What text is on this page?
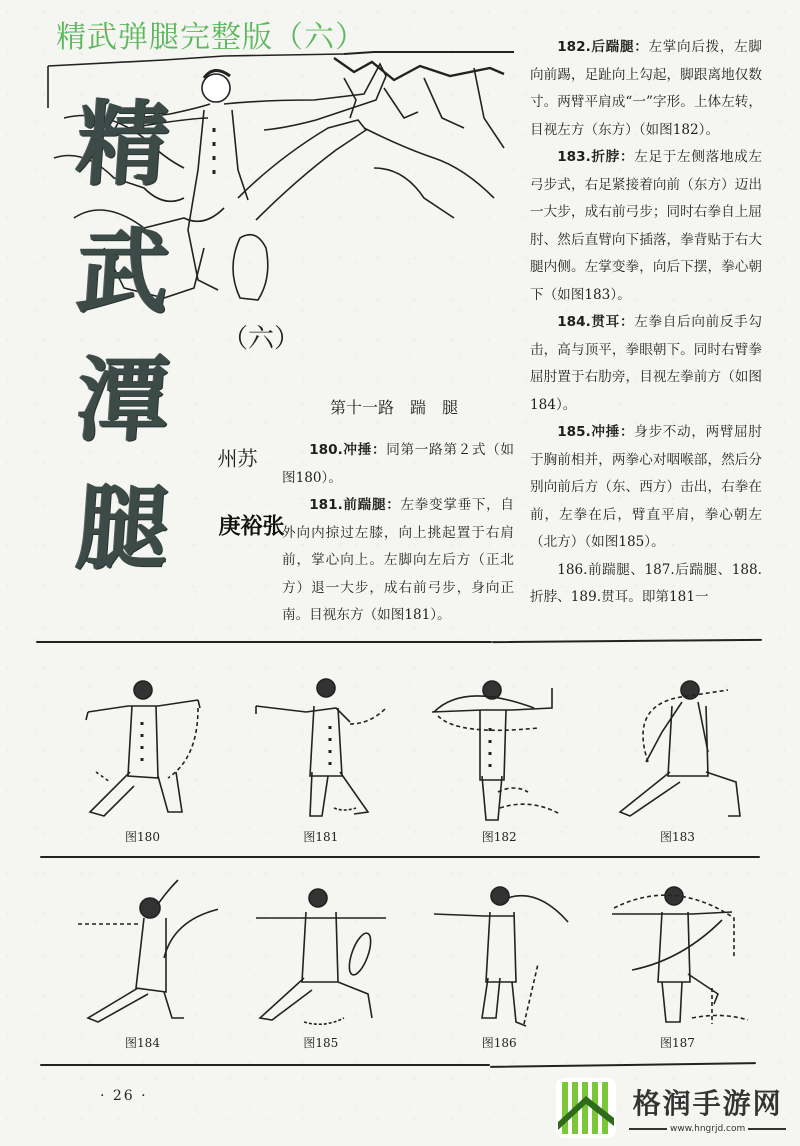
精武弹腿完整版（六）
精
武
潭
腿
（六）
苏州
张裕庚
第十一路　踹　腿

180.冲捶：同第一路第２式（如图180）。

181.前踹腿：左拳变掌垂下，自外向内掠过左膝，向上挑起置于右肩前，掌心向上。左脚向左后方（正北方）退一大步，成右前弓步，身向正南。目视东方（如图181）。

182.后踹腿：左掌向后拨，左脚向前踢，足趾向上勾起，脚跟离地仅数寸。两臂平肩成“一”字形。上体左转，目视左方（东方）（如图182）。

183.折脖：左足于左侧落地成左弓步式，右足紧接着向前（东方）迈出一大步，成右前弓步；同时右拳自上屈肘、然后直臂向下插落，拳背贴于右大腿内侧。左掌变拳，向后下摆，拳心朝下（如图183）。

184.贯耳：左拳自后向前反手勾击，高与顶平，拳眼朝下。同时右臂拳屈肘置于右肋旁，目视左拳前方（如图184）。

185.冲捶：身步不动，两臂屈肘于胸前相并，两拳心对咽喉部，然后分别向前后方（东、西方）击出，右拳在前，左拳在后，臂直平肩，拳心朝左（北方）（如图185）。

186.前踹腿、187.后踹腿、188.折脖、189.贯耳。即第181一

图180	图181	图182	图183
图184	图185	图186	图187
· 26 ·	格润手游网
www.hngrjd.com
